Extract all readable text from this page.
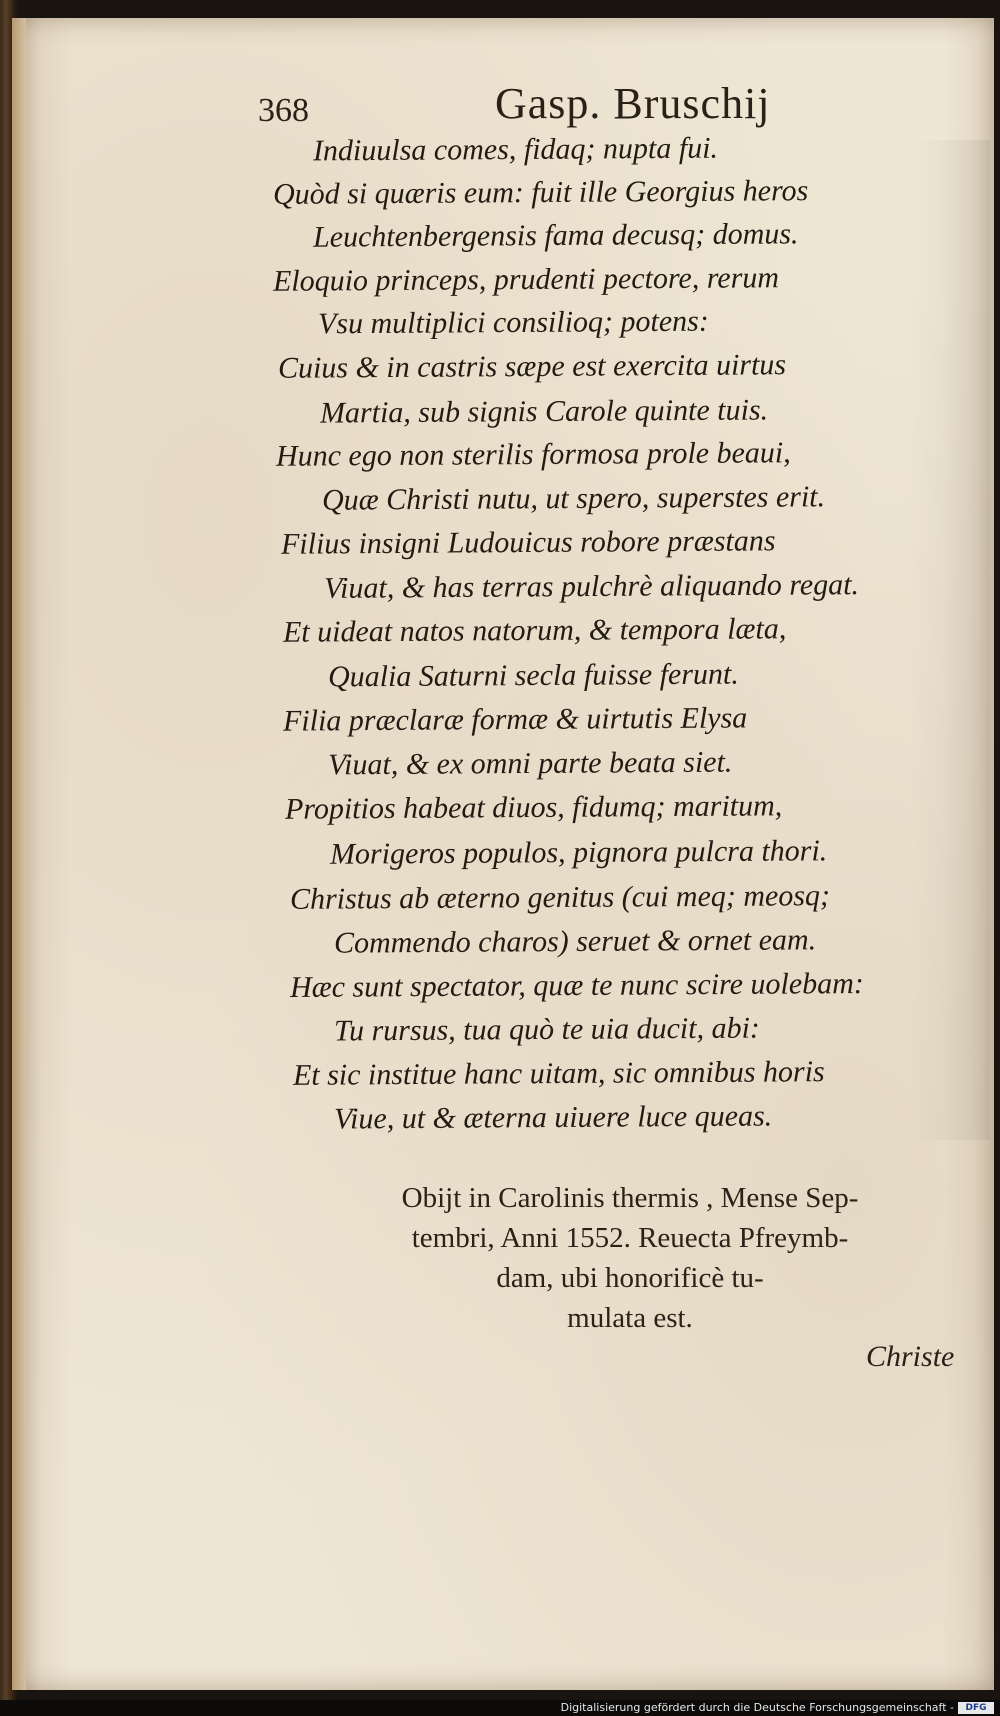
368	Gasp. Bruschij
Indiuulsa comes, fidaq; nupta fui.
Quòd si quæris eum: fuit ille Georgius heros
Leuchtenbergensis fama decusq; domus.
Eloquio princeps, prudenti pectore, rerum
Vsu multiplici consilioq; potens:
Cuius & in castris sæpe est exercita uirtus
Martia, sub signis Carole quinte tuis.
Hunc ego non sterilis formosa prole beaui,
Quæ Christi nutu, ut spero, superstes erit.
Filius insigni Ludouicus robore præstans
Viuat, & has terras pulchrè aliquando regat.
Et uideat natos natorum, & tempora læta,
Qualia Saturni secla fuisse ferunt.
Filia præclaræ formæ & uirtutis Elysa
Viuat, & ex omni parte beata siet.
Propitios habeat diuos, fidumq; maritum,
Morigeros populos, pignora pulcra thori.
Christus ab æterno genitus (cui meq; meosq;
Commendo charos) seruet & ornet eam.
Hæc sunt spectator, quæ te nunc scire uolebam:
Tu rursus, tua quò te uia ducit, abi:
Et sic institue hanc uitam, sic omnibus horis
Viue, ut & æterna uiuere luce queas.
Obijt in Carolinis thermis , Mense Sep-
tembri, Anni 1552. Reuecta Pfreymb-
dam, ubi honorificè tu-
mulata est.
Christe
Digitalisierung gefördert durch die Deutsche Forschungsgemeinschaft -	DFG
